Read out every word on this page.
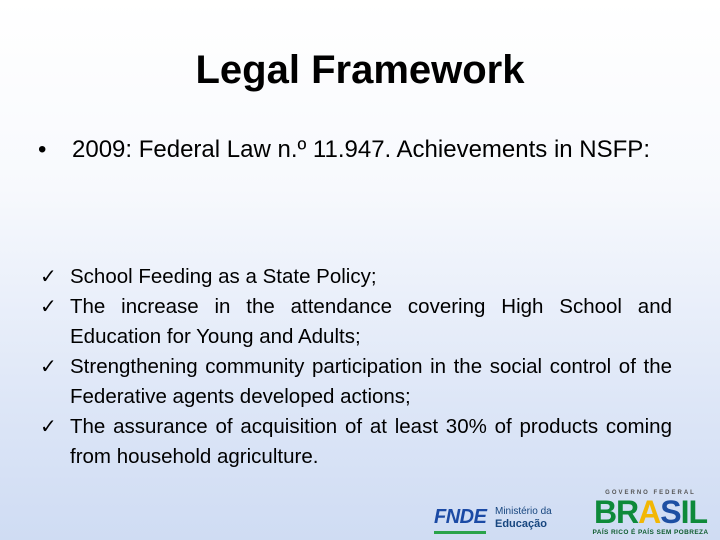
Legal Framework
•	2009: Federal Law n.º 11.947. Achievements in NSFP:
✓ School Feeding as a State Policy;
✓ The increase in the attendance covering High School and Education for Young and Adults;
✓ Strengthening community participation in the social control of the Federative agents developed actions;
✓ The assurance of acquisition of at least 30% of products coming from household agriculture.
FNDE Ministério da
Educação
GOVERNO FEDERAL
BRASIL
PAÍS RICO É PAÍS SEM POBREZA
